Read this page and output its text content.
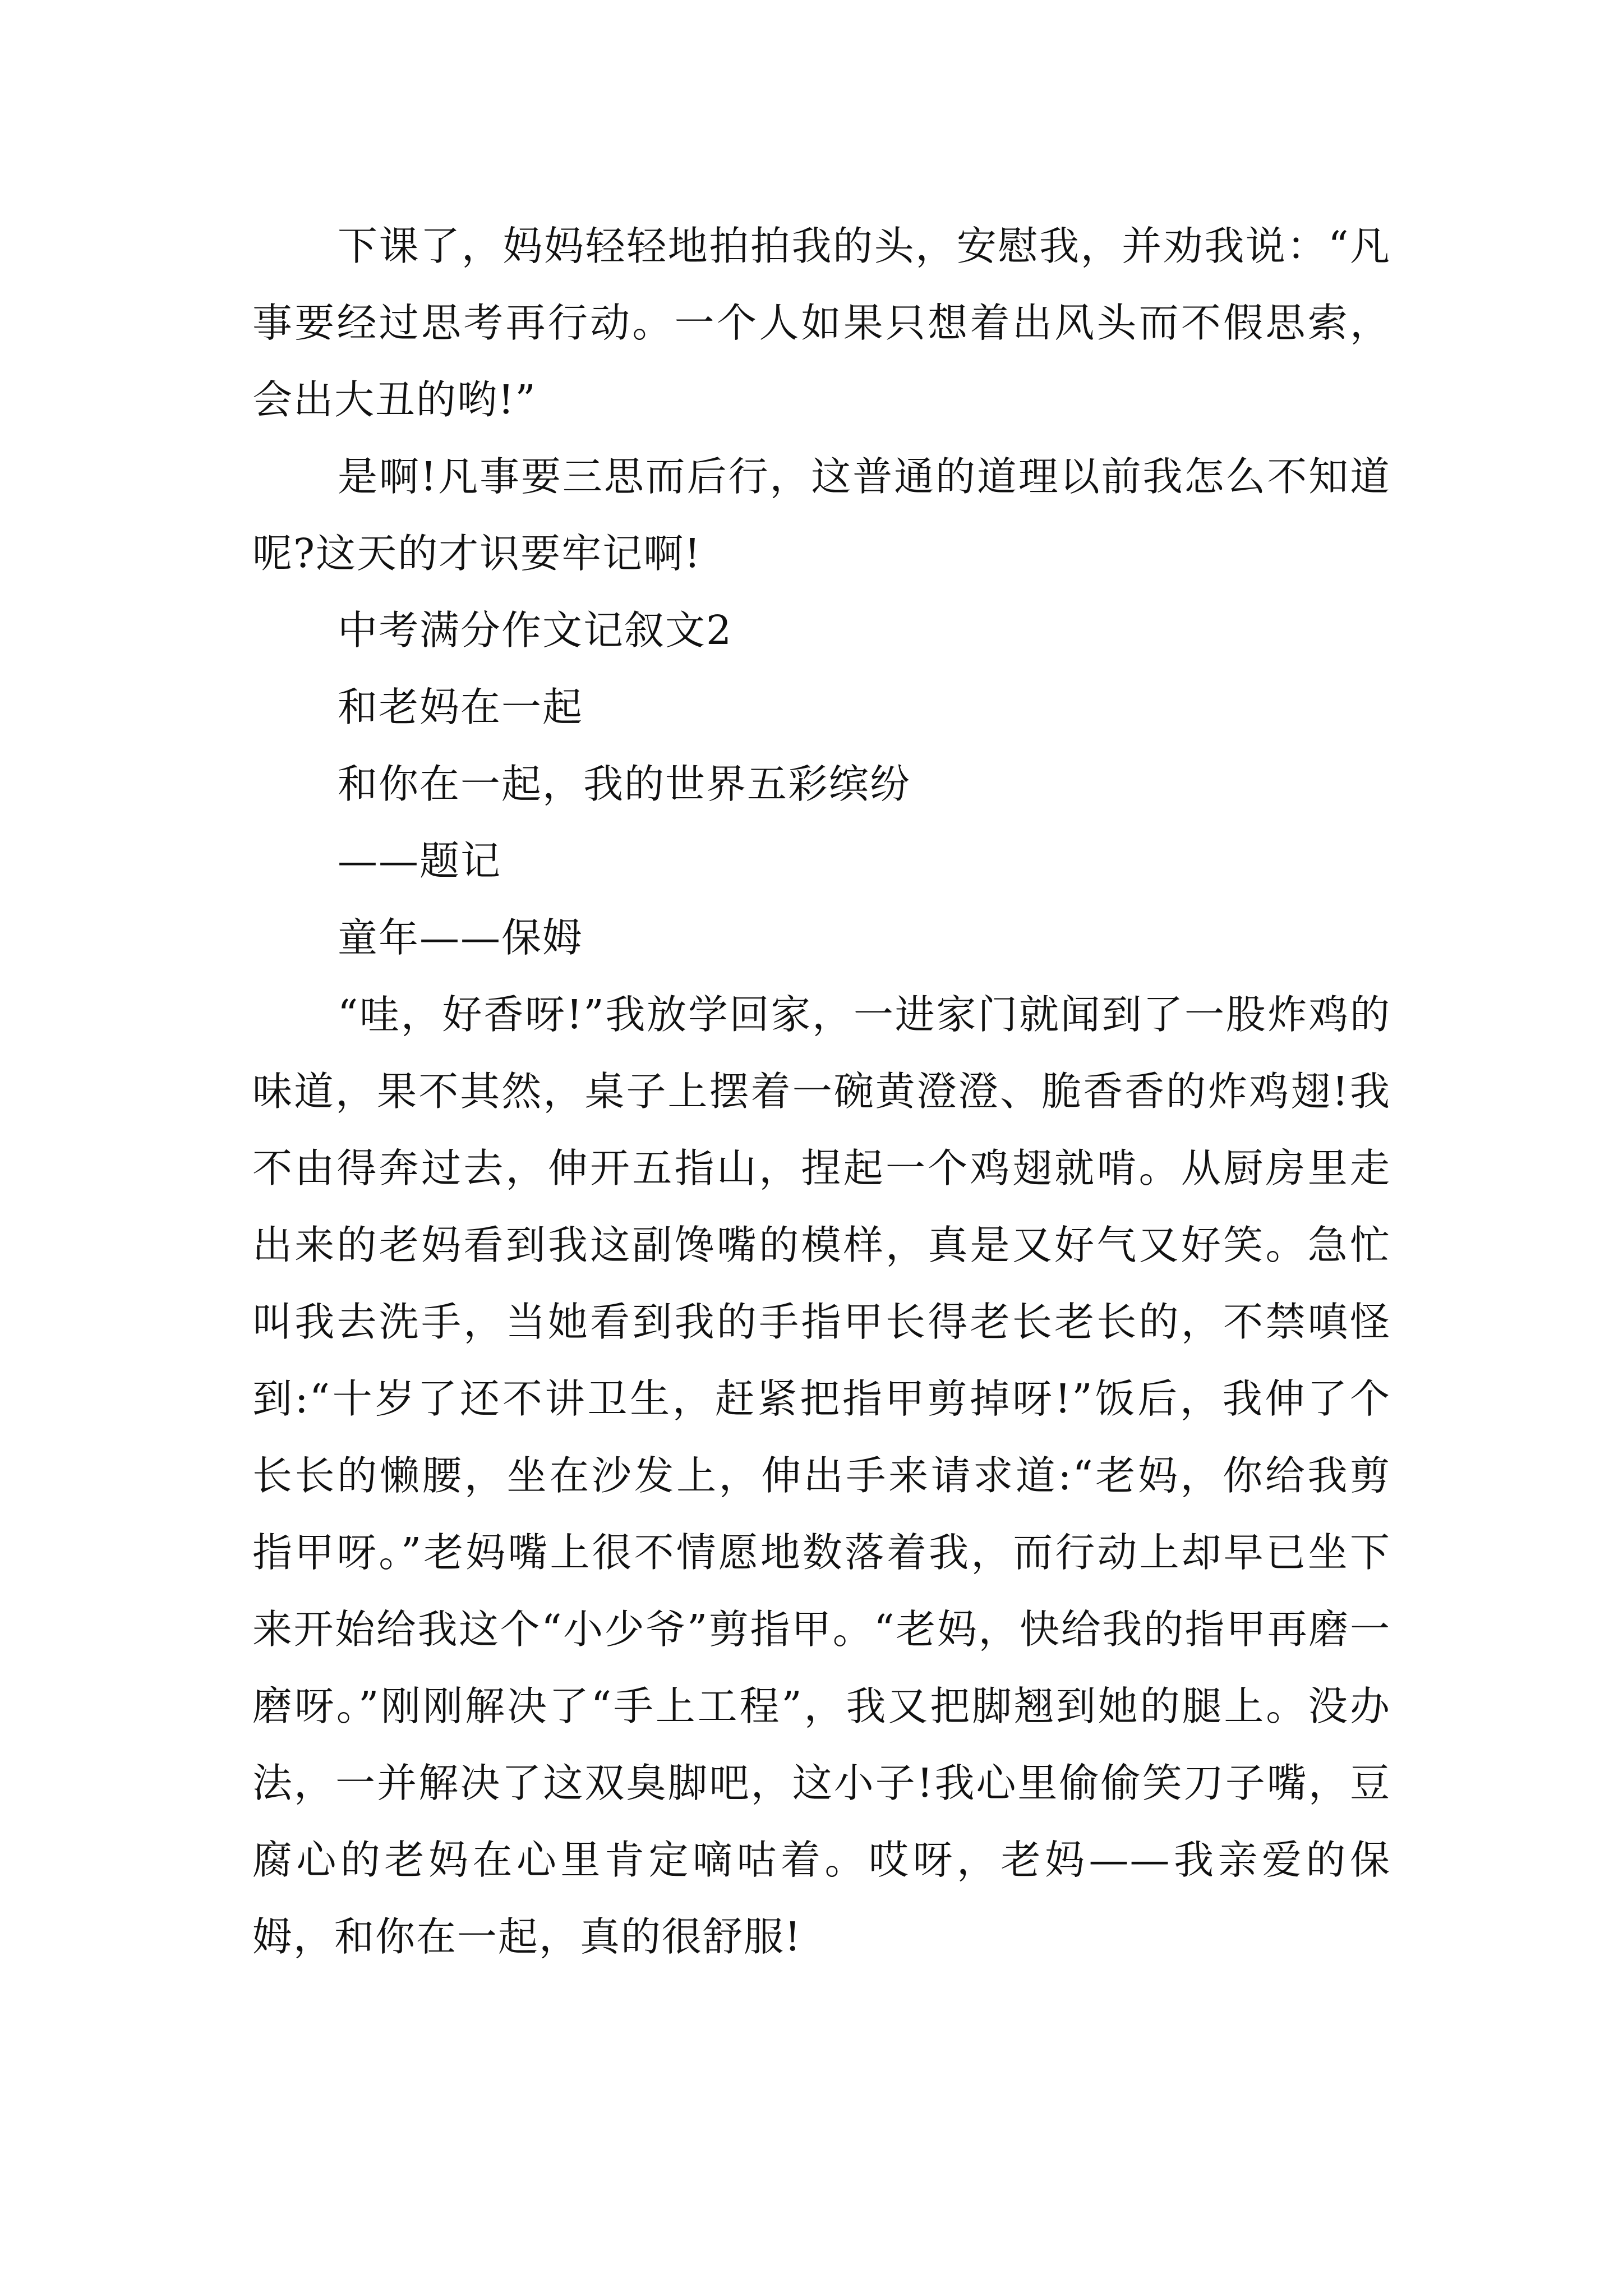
下课了，妈妈轻轻地拍拍我的头，安慰我，并劝我说：“凡事要经过思考再行动。一个人如果只想着出风头而不假思索，会出大丑的哟!”

是啊!凡事要三思而后行，这普通的道理以前我怎么不知道呢?这天的才识要牢记啊!

中考满分作文记叙文2

和老妈在一起

和你在一起，我的世界五彩缤纷

——题记

童年——保姆

“哇，好香呀!”我放学回家，一进家门就闻到了一股炸鸡的味道，果不其然，桌子上摆着一碗黄澄澄、脆香香的炸鸡翅!我不由得奔过去，伸开五指山，捏起一个鸡翅就啃。从厨房里走出来的老妈看到我这副馋嘴的模样，真是又好气又好笑。急忙叫我去洗手，当她看到我的手指甲长得老长老长的，不禁嗔怪到:“十岁了还不讲卫生，赶紧把指甲剪掉呀!”饭后，我伸了个长长的懒腰，坐在沙发上，伸出手来请求道:“老妈，你给我剪指甲呀。”老妈嘴上很不情愿地数落着我，而行动上却早已坐下来开始给我这个“小少爷”剪指甲。“老妈，快给我的指甲再磨一磨呀。”刚刚解决了“手上工程”，我又把脚翘到她的腿上。没办法，一并解决了这双臭脚吧，这小子!我心里偷偷笑刀子嘴，豆腐心的老妈在心里肯定嘀咕着。哎呀，老妈——我亲爱的保姆，和你在一起，真的很舒服!
